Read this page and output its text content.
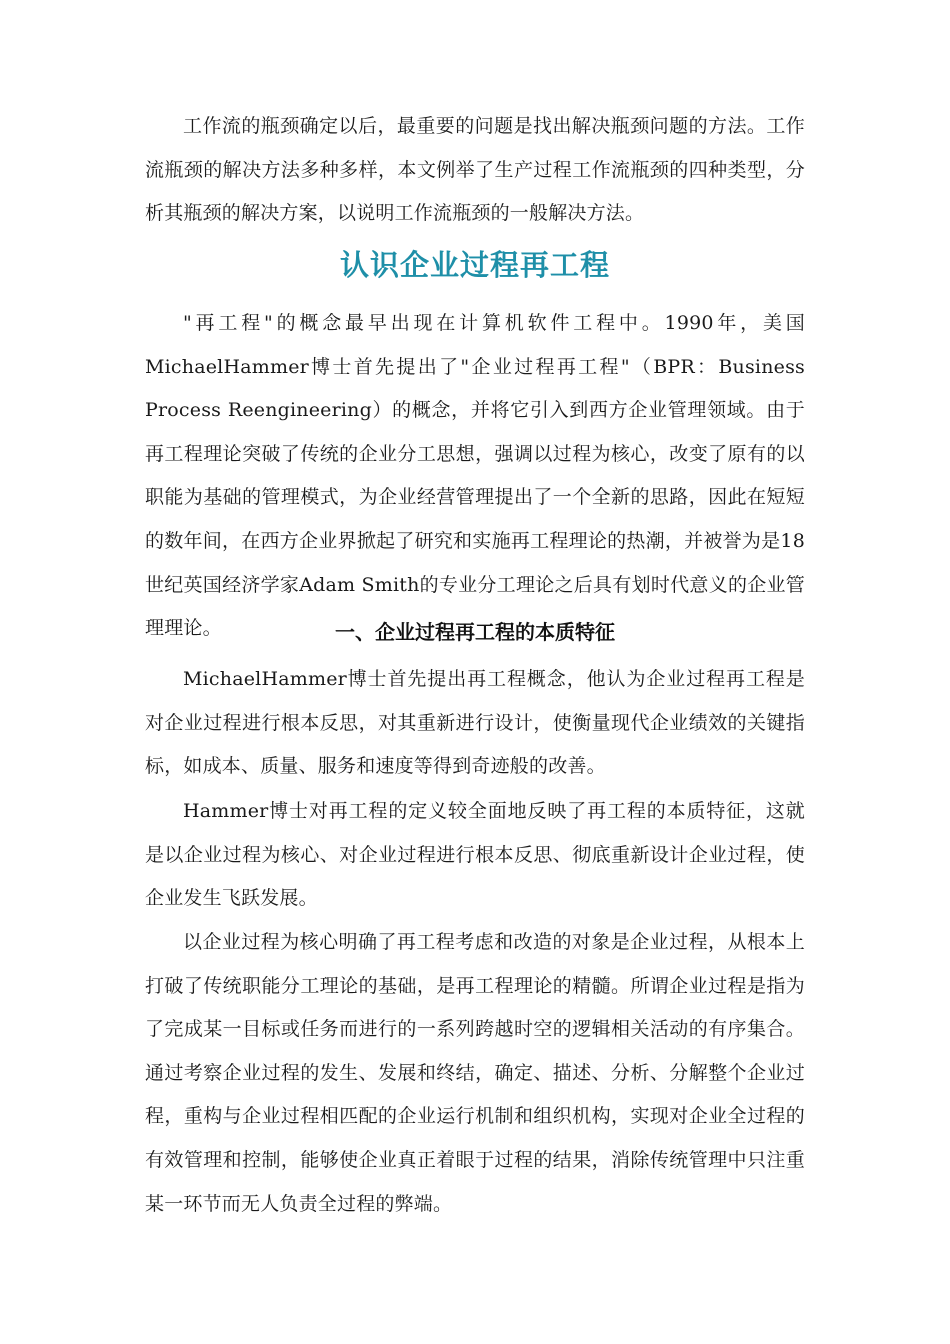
工作流的瓶颈确定以后，最重要的问题是找出解决瓶颈问题的方法。工作流瓶颈的解决方法多种多样，本文例举了生产过程工作流瓶颈的四种类型，分析其瓶颈的解决方案，以说明工作流瓶颈的一般解决方法。

认识企业过程再工程

"再工程"的概念最早出现在计算机软件工程中。1990年，美国MichaelHammer博士首先提出了"企业过程再工程"（BPR：Business Process Reengineering）的概念，并将它引入到西方企业管理领域。由于再工程理论突破了传统的企业分工思想，强调以过程为核心，改变了原有的以职能为基础的管理模式，为企业经营管理提出了一个全新的思路，因此在短短的数年间，在西方企业界掀起了研究和实施再工程理论的热潮，并被誉为是18世纪英国经济学家Adam Smith的专业分工理论之后具有划时代意义的企业管理理论。	一、企业过程再工程的本质特征

MichaelHammer博士首先提出再工程概念，他认为企业过程再工程是对企业过程进行根本反思，对其重新进行设计，使衡量现代企业绩效的关键指标，如成本、质量、服务和速度等得到奇迹般的改善。

Hammer博士对再工程的定义较全面地反映了再工程的本质特征，这就是以企业过程为核心、对企业过程进行根本反思、彻底重新设计企业过程，使企业发生飞跃发展。

以企业过程为核心明确了再工程考虑和改造的对象是企业过程，从根本上打破了传统职能分工理论的基础，是再工程理论的精髓。所谓企业过程是指为了完成某一目标或任务而进行的一系列跨越时空的逻辑相关活动的有序集合。通过考察企业过程的发生、发展和终结，确定、描述、分析、分解整个企业过程，重构与企业过程相匹配的企业运行机制和组织机构，实现对企业全过程的有效管理和控制，能够使企业真正着眼于过程的结果，消除传统管理中只注重某一环节而无人负责全过程的弊端。
